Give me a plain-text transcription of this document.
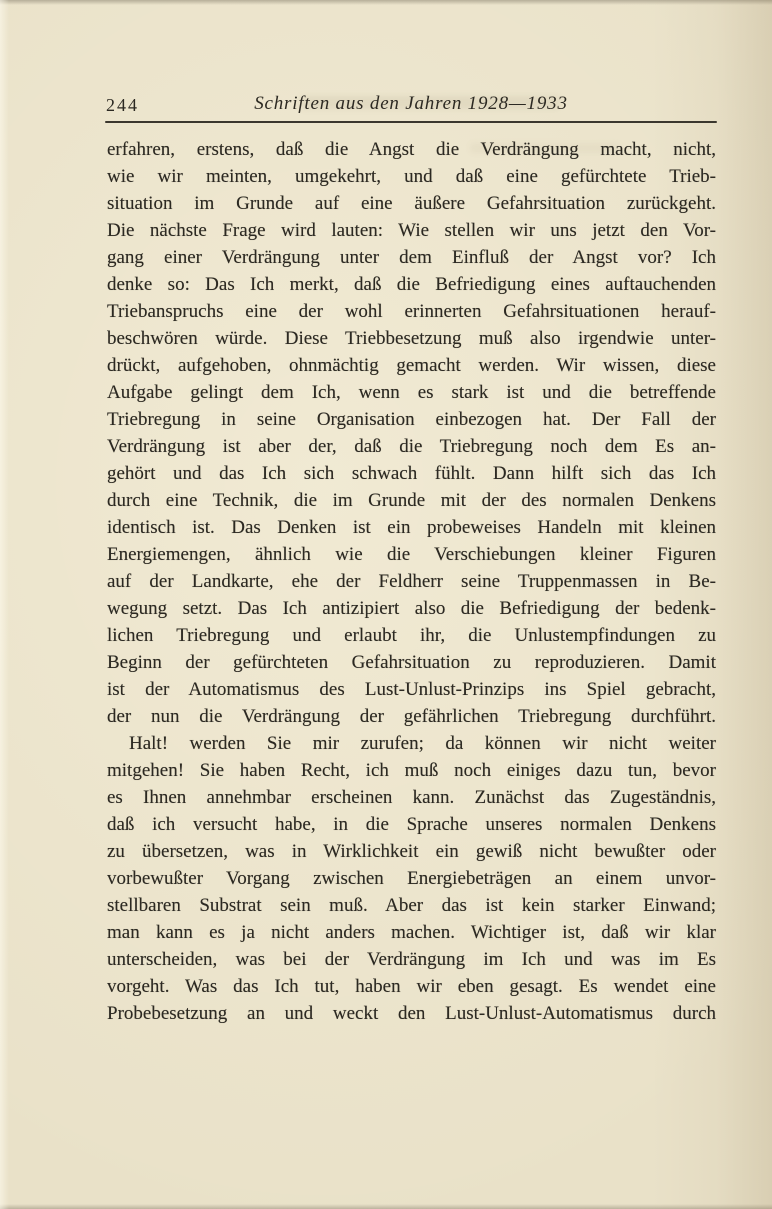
244	Schriften aus den Jahren 1928—1933
erfahren, erstens, daß die Angst die Verdrängung macht, nicht,
wie wir meinten, umgekehrt, und daß eine gefürchtete Trieb-
situation im Grunde auf eine äußere Gefahrsituation zurückgeht.
Die nächste Frage wird lauten: Wie stellen wir uns jetzt den Vor-
gang einer Verdrängung unter dem Einfluß der Angst vor? Ich
denke so: Das Ich merkt, daß die Befriedigung eines auftauchenden
Triebanspruchs eine der wohl erinnerten Gefahrsituationen herauf-
beschwören würde. Diese Triebbesetzung muß also irgendwie unter-
drückt, aufgehoben, ohnmächtig gemacht werden. Wir wissen, diese
Aufgabe gelingt dem Ich, wenn es stark ist und die betreffende
Triebregung in seine Organisation einbezogen hat. Der Fall der
Verdrängung ist aber der, daß die Triebregung noch dem Es an-
gehört und das Ich sich schwach fühlt. Dann hilft sich das Ich
durch eine Technik, die im Grunde mit der des normalen Denkens
identisch ist. Das Denken ist ein probeweises Handeln mit kleinen
Energiemengen, ähnlich wie die Verschiebungen kleiner Figuren
auf der Landkarte, ehe der Feldherr seine Truppenmassen in Be-
wegung setzt. Das Ich antizipiert also die Befriedigung der bedenk-
lichen Triebregung und erlaubt ihr, die Unlustempfindungen zu
Beginn der gefürchteten Gefahrsituation zu reproduzieren. Damit
ist der Automatismus des Lust-Unlust-Prinzips ins Spiel gebracht,
der nun die Verdrängung der gefährlichen Triebregung durchführt.
Halt! werden Sie mir zurufen; da können wir nicht weiter
mitgehen! Sie haben Recht, ich muß noch einiges dazu tun, bevor
es Ihnen annehmbar erscheinen kann. Zunächst das Zugeständnis,
daß ich versucht habe, in die Sprache unseres normalen Denkens
zu übersetzen, was in Wirklichkeit ein gewiß nicht bewußter oder
vorbewußter Vorgang zwischen Energiebeträgen an einem unvor-
stellbaren Substrat sein muß. Aber das ist kein starker Einwand;
man kann es ja nicht anders machen. Wichtiger ist, daß wir klar
unterscheiden, was bei der Verdrängung im Ich und was im Es
vorgeht. Was das Ich tut, haben wir eben gesagt. Es wendet eine
Probebesetzung an und weckt den Lust-Unlust-Automatismus durch
